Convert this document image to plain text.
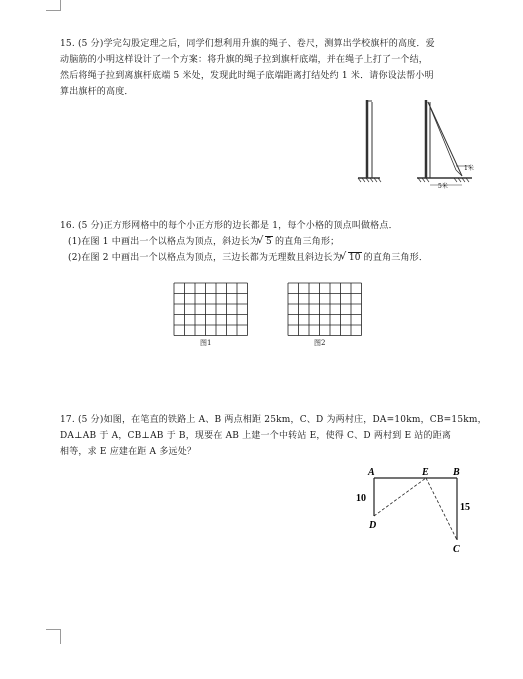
15. (5 分)学完勾股定理之后，同学们想利用升旗的绳子、卷尺，测算出学校旗杆的高度．爱
动脑筋的小明这样设计了一个方案：将升旗的绳子拉到旗杆底端，并在绳子上打了一个结，
然后将绳子拉到离旗杆底端 5 米处，发现此时绳子底端距离打结处约 1 米．请你设法帮小明
算出旗杆的高度．
1米
5米
16. (5 分)正方形网格中的每个小正方形的边长都是 1，每个小格的顶点叫做格点．
(1)在图 1 中画出一个以格点为顶点，斜边长为 √ 5 的直角三角形；
(2)在图 2 中画出一个以格点为顶点，三边长都为无理数且斜边长为 √ 10 的直角三角形．
图1	图2
17. (5 分)如图，在笔直的铁路上 A、B 两点相距 25km，C、D 为两村庄，DA=10km，CB=15km，
DA⊥AB 于 A，CB⊥AB 于 B，现要在 AB 上建一个中转站 E，使得 C、D 两村到 E 站的距离
相等，求 E 应建在距 A 多远处？
A	E B
D
C
10
15
